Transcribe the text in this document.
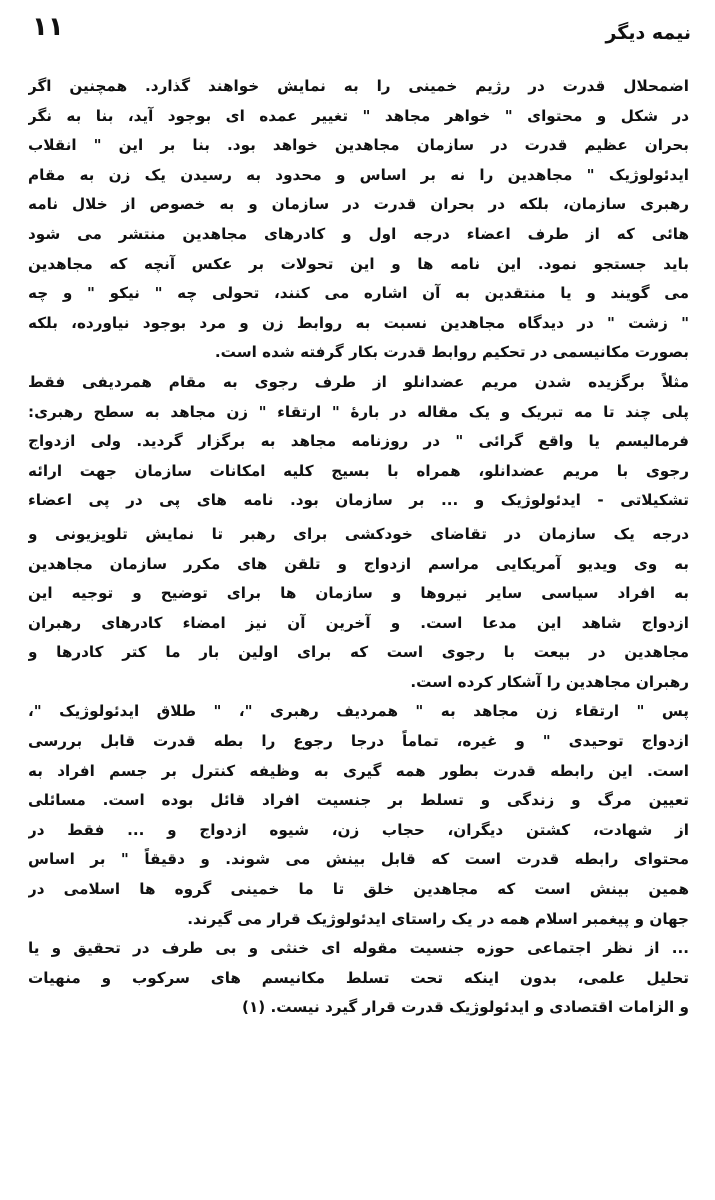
۱۱	نیمه دیگر
اضمحلال قدرت در رژیم خمینی را به نمایش خواهند گذارد. همچنین اگر
در شکل و محتوای " خواهر مجاهد " تغییر عمده ای بوجود آید، بنا به نگر
بحران عظیم قدرت در سازمان مجاهدین خواهد بود. بنا بر این " انقلاب
ایدئولوژیک " مجاهدین را نه بر اساس و محدود به رسیدن یک زن به مقام
رهبری سازمان، بلکه در بحران قدرت در سازمان و به خصوص از خلال نامه
هائی که از طرف اعضاء درجه اول و کادرهای مجاهدین منتشر می شود
باید جستجو نمود. این نامه ها و این تحولات بر عکس آنچه که مجاهدین
می گویند و یا منتقدین به آن اشاره می کنند، تحولی چه " نیکو " و چه
" زشت " در دیدگاه مجاهدین نسبت به روابط زن و مرد بوجود نیاورده، بلکه
بصورت مکانیسمی در تحکیم روابط قدرت بکار گرفته شده است.
مثلاً برگزیده شدن مریم عضدانلو از طرف رجوی به مقام همردیفی فقط
پلی چند تا مه تبریک و یک مقاله در بارهٔ " ارتقاء " زن مجاهد به سطح رهبری:
فرمالیسم یا واقع گرائی " در روزنامه مجاهد به برگزار گردید. ولی ازدواج
رجوی با مریم عضدانلو، همراه با بسیج کلیه امکانات سازمان جهت ارائه
تشکیلاتی - ایدئولوژیک و ... بر سازمان بود. نامه های پی در پی اعضاء
درجه یک سازمان در تقاضای خودکشی برای رهبر تا نمایش تلویزیونی و
به وی ویدیو آمریکایی مراسم ازدواج و تلقن های مکرر سازمان مجاهدین
به افراد سیاسی سایر نیروها و سازمان ها برای توضیح و توجیه این
ازدواج شاهد این مدعا است. و آخرین آن نیز امضاء کادرهای رهبران
مجاهدین در بیعت با رجوی است که برای اولین بار ما کتر کادرها و
رهبران مجاهدین را آشکار کرده است.
پس " ارتقاء زن مجاهد به " همردیف رهبری "، " طلاق ایدئولوژیک "،
ازدواج توحیدی " و غیره، تماماً درجا رجوع را بطه قدرت قابل بررسی
است. این رابطه قدرت بطور همه گیری به وظیفه کنترل بر جسم افراد به
تعیین مرگ و زندگی و تسلط بر جنسیت افراد قائل بوده است. مسائلی
از شهادت، کشتن دیگران، حجاب زن، شیوه ازدواج و ... فقط در
محتوای رابطه قدرت است که قابل بینش می شوند. و دقیقاً " بر اساس
همین بینش است که مجاهدین خلق تا ما خمینی گروه ها اسلامی در
جهان و پیغمبر اسلام همه در یک راستای ایدئولوژیک قرار می گیرند.
... از نظر اجتماعی حوزه جنسیت مقوله ای خنثی و بی طرف در تحقیق و یا
تحلیل علمی، بدون اینکه تحت تسلط مکانیسم های سرکوب و منهیات
و الزامات اقتصادی و ایدئولوژیک قدرت قرار گیرد نیست. (۱)
